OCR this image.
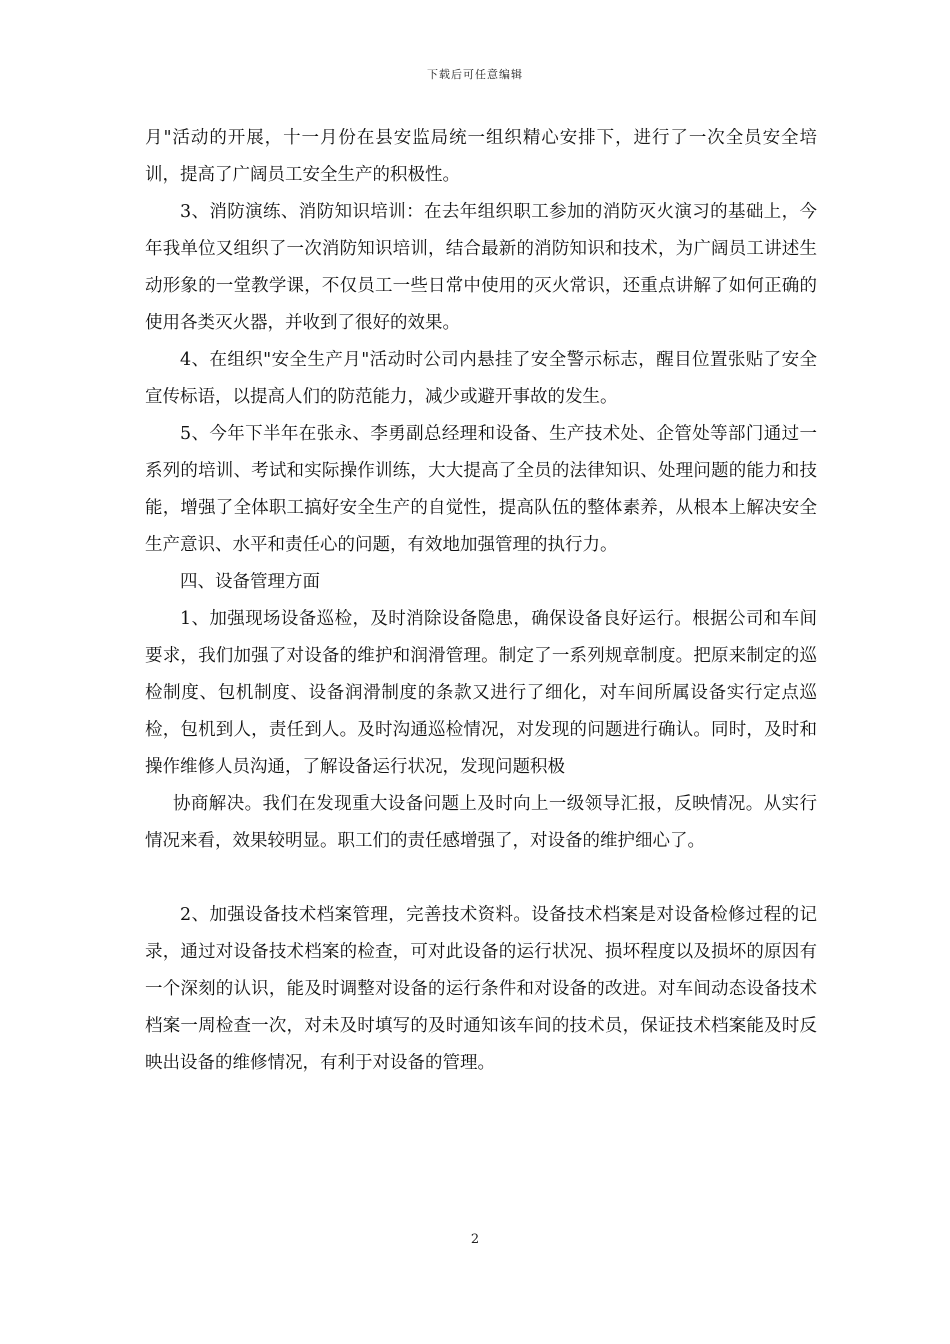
下载后可任意编辑

月"活动的开展，十一月份在县安监局统一组织精心安排下，进行了一次全员安全培训，提高了广阔员工安全生产的积极性。

3、消防演练、消防知识培训：在去年组织职工参加的消防灭火演习的基础上，今年我单位又组织了一次消防知识培训，结合最新的消防知识和技术，为广阔员工讲述生动形象的一堂教学课，不仅员工一些日常中使用的灭火常识，还重点讲解了如何正确的使用各类灭火器，并收到了很好的效果。

4、在组织"安全生产月"活动时公司内悬挂了安全警示标志，醒目位置张贴了安全宣传标语，以提高人们的防范能力，减少或避开事故的发生。

5、今年下半年在张永、李勇副总经理和设备、生产技术处、企管处等部门通过一系列的培训、考试和实际操作训练，大大提高了全员的法律知识、处理问题的能力和技能，增强了全体职工搞好安全生产的自觉性，提高队伍的整体素养，从根本上解决安全生产意识、水平和责任心的问题，有效地加强管理的执行力。

四、设备管理方面

1、加强现场设备巡检，及时消除设备隐患，确保设备良好运行。根据公司和车间要求，我们加强了对设备的维护和润滑管理。制定了一系列规章制度。把原来制定的巡检制度、包机制度、设备润滑制度的条款又进行了细化，对车间所属设备实行定点巡检，包机到人，责任到人。及时沟通巡检情况，对发现的问题进行确认。同时，及时和操作维修人员沟通，了解设备运行状况，发现问题积极

协商解决。我们在发现重大设备问题上及时向上一级领导汇报，反映情况。从实行情况来看，效果较明显。职工们的责任感增强了，对设备的维护细心了。

2、加强设备技术档案管理，完善技术资料。设备技术档案是对设备检修过程的记录，通过对设备技术档案的检查，可对此设备的运行状况、损坏程度以及损坏的原因有一个深刻的认识，能及时调整对设备的运行条件和对设备的改进。对车间动态设备技术档案一周检查一次，对未及时填写的及时通知该车间的技术员，保证技术档案能及时反映出设备的维修情况，有利于对设备的管理。

2
